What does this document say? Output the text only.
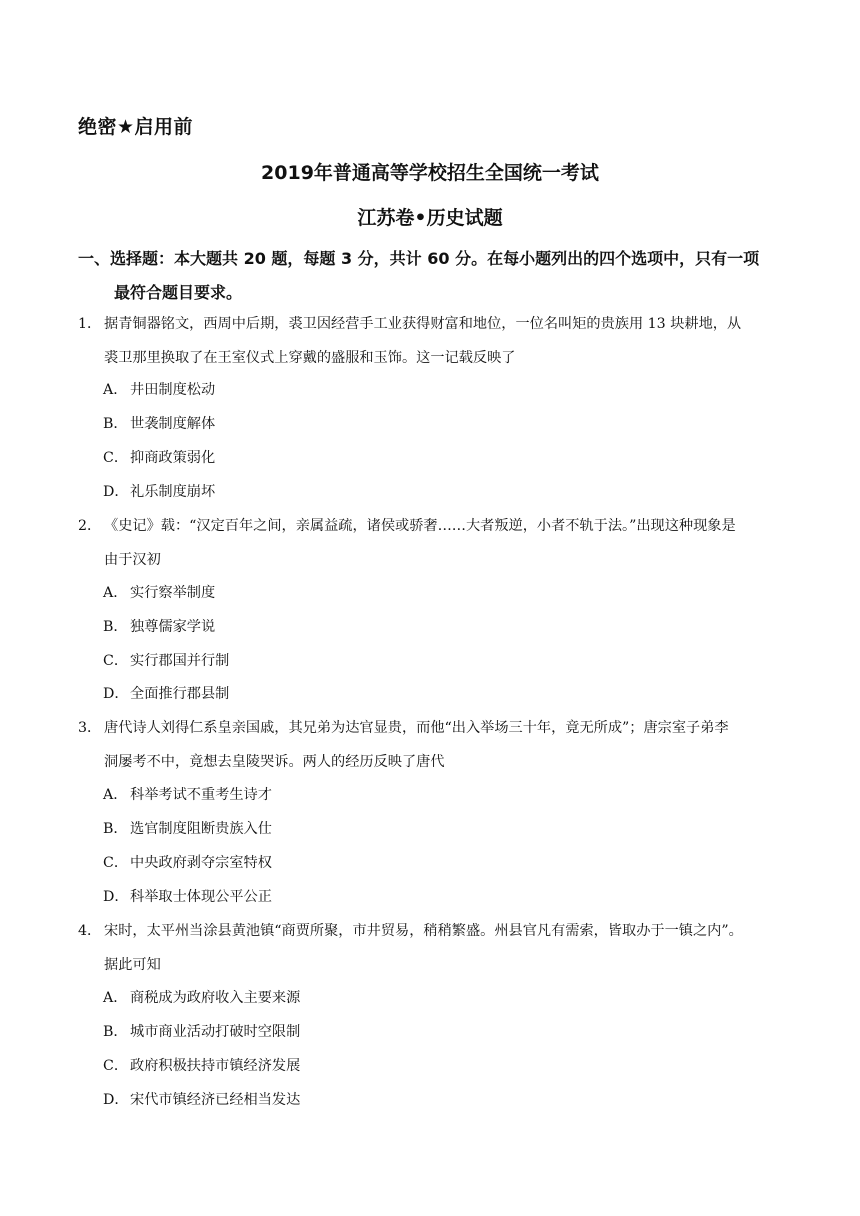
绝密★启用前
2019年普通高等学校招生全国统一考试
江苏卷•历史试题
一、选择题：本大题共 20 题，每题 3 分，共计 60 分。在每小题列出的四个选项中，只有一项
最符合题目要求。
1． 据青铜器铭文，西周中后期，裘卫因经营手工业获得财富和地位，一位名叫矩的贵族用 13 块耕地，从
裘卫那里换取了在王室仪式上穿戴的盛服和玉饰。这一记载反映了
A． 井田制度松动
B． 世袭制度解体
C． 抑商政策弱化
D．礼乐制度崩坏
2． 《史记》载：“汉定百年之间，亲属益疏，诸侯或骄奢……大者叛逆，小者不轨于法。”出现这种现象是
由于汉初
A． 实行察举制度
B． 独尊儒家学说
C． 实行郡国并行制
D．全面推行郡县制
3． 唐代诗人刘得仁系皇亲国戚，其兄弟为达官显贵，而他“出入举场三十年，竟无所成”；唐宗室子弟李
洞屡考不中，竟想去皇陵哭诉。两人的经历反映了唐代
A． 科举考试不重考生诗才
B． 选官制度阻断贵族入仕
C． 中央政府剥夺宗室特权
D．科举取士体现公平公正
4． 宋时，太平州当涂县黄池镇“商贾所聚，市井贸易，稍稍繁盛。州县官凡有需索，皆取办于一镇之内”。
据此可知
A． 商税成为政府收入主要来源
B． 城市商业活动打破时空限制
C． 政府积极扶持市镇经济发展
D．宋代市镇经济已经相当发达
